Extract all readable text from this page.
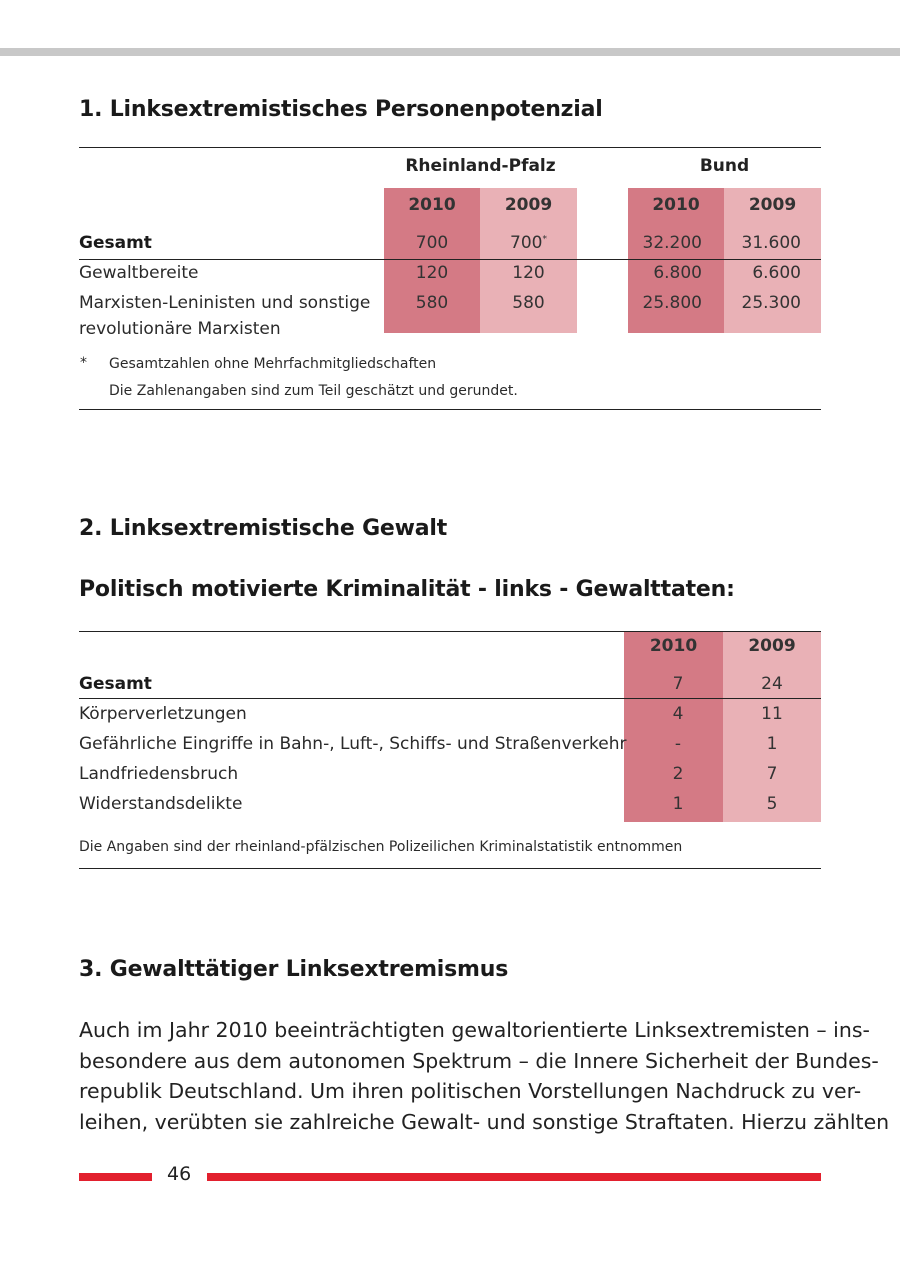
1. Linksextremistisches Personenpotenzial
Rheinland-Pfalz	Bund
2010	2009	2010	2009
Gesamt	700	700*	32.200	31.600
Gewaltbereite	120	120	6.800	6.600
Marxisten-Leninisten und sonstige
revolutionäre Marxisten
580	580	25.800	25.300
* Gesamtzahlen ohne Mehrfachmitgliedschaften
Die Zahlenangaben sind zum Teil geschätzt und gerundet.
2. Linksextremistische Gewalt
Politisch motivierte Kriminalität - links - Gewalttaten:
2010	2009
Gesamt	7	24
Körperverletzungen	4	11
Gefährliche Eingriffe in Bahn-, Luft-, Schiffs- und Straßenverkehr	-	1
Landfriedensbruch	2	7
Widerstandsdelikte	1	5
Die Angaben sind der rheinland-pfälzischen Polizeilichen Kriminalstatistik entnommen
3. Gewalttätiger Linksextremismus
Auch im Jahr 2010 beeinträchtigten gewaltorientierte Linksextremisten – ins-
besondere aus dem autonomen Spektrum – die Innere Sicherheit der Bundes-
republik Deutschland. Um ihren politischen Vorstellungen Nachdruck zu ver-
leihen, verübten sie zahlreiche Gewalt- und sonstige Straftaten. Hierzu zählten
46
